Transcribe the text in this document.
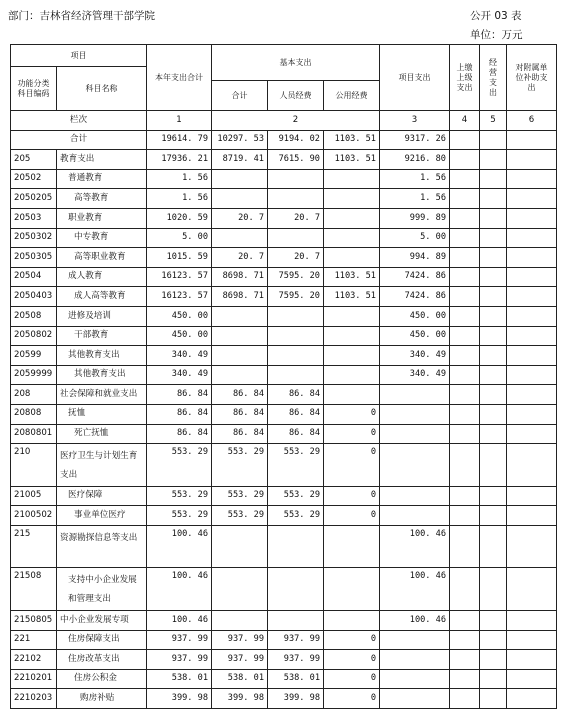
部门：吉林省经济管理干部学院	公开 03 表
单位：万元
项目		本年支出合计	基本支出			项目支出	上缴上级支出	经营支出	对附属单位补助支出
功能分类科目编码	科目名称								
			合计	人员经费	公用经费				
栏次		1	2			3	4	5	6
合计		19614. 79	10297. 53	9194. 02	1103. 51	9317. 26			
205	教育支出	17936. 21	8719. 41	7615. 90	1103. 51	9216. 80			
20502	普通教育	1. 56				1. 56			
2050205	高等教育	1. 56				1. 56			
20503	职业教育	1020. 59	20. 7	20. 7		999. 89			
2050302	中专教育	5. 00				5. 00			
2050305	高等职业教育	1015. 59	20. 7	20. 7		994. 89			
20504	成人教育	16123. 57	8698. 71	7595. 20	1103. 51	7424. 86			
2050403	成人高等教育	16123. 57	8698. 71	7595. 20	1103. 51	7424. 86			
20508	进修及培训	450. 00				450. 00			
2050802	干部教育	450. 00				450. 00			
20599	其他教育支出	340. 49				340. 49			
2059999	其他教育支出	340. 49				340. 49			
208	社会保障和就业支出	86. 84	86. 84	86. 84					
20808	抚恤	86. 84	86. 84	86. 84	0				
2080801	死亡抚恤	86. 84	86. 84	86. 84	0				
210	医疗卫生与计划生育支出	553. 29	553. 29	553. 29	0				
21005	医疗保障	553. 29	553. 29	553. 29	0				
2100502	事业单位医疗	553. 29	553. 29	553. 29	0				
215	资源勘探信息等支出	100. 46				100. 46			
21508	支持中小企业发展和管理支出	100. 46				100. 46			
2150805	中小企业发展专项	100. 46				100. 46			
221	住房保障支出	937. 99	937. 99	937. 99	0				
22102	住房改革支出	937. 99	937. 99	937. 99	0				
2210201	住房公积金	538. 01	538. 01	538. 01	0				
2210203	购房补贴	399. 98	399. 98	399. 98	0				
